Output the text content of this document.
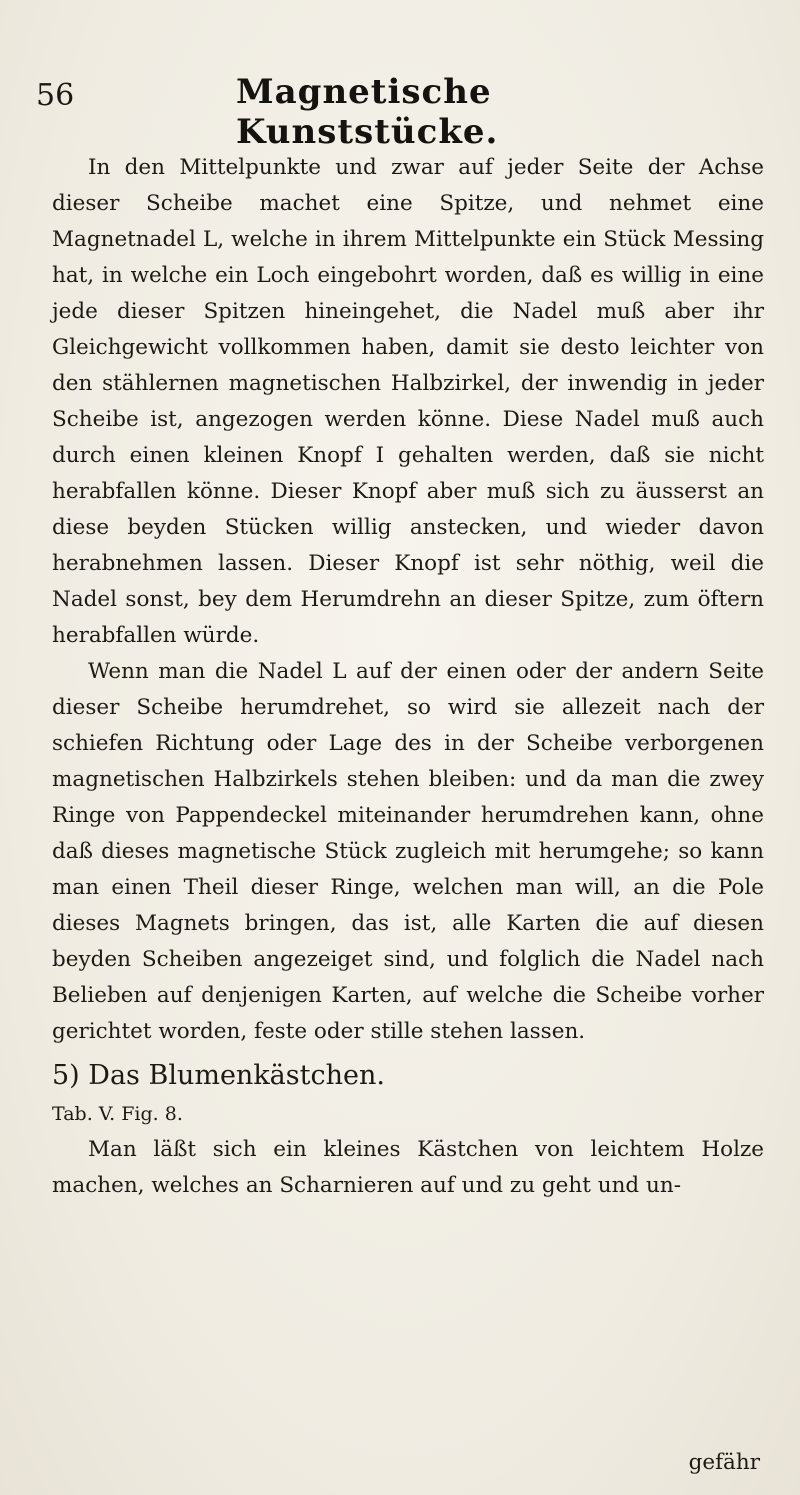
56	Magnetische Kunststücke.

In den Mittelpunkte und zwar auf jeder Seite der Achse dieser Scheibe machet eine Spitze, und nehmet eine Magnetnadel L, welche in ihrem Mittelpunkte ein Stück Messing hat, in welche ein Loch eingebohrt worden, daß es willig in eine jede dieser Spitzen hineingehet, die Nadel muß aber ihr Gleichgewicht vollkommen haben, damit sie desto leichter von den stählernen magnetischen Halbzirkel, der inwendig in jeder Scheibe ist, angezogen werden könne. Diese Nadel muß auch durch einen kleinen Knopf I gehalten werden, daß sie nicht herabfallen könne. Dieser Knopf aber muß sich zu äusserst an diese beyden Stücken willig anstecken, und wieder davon herabnehmen lassen. Dieser Knopf ist sehr nöthig, weil die Nadel sonst, bey dem Herumdrehn an dieser Spitze, zum öftern herabfallen würde.

Wenn man die Nadel L auf der einen oder der andern Seite dieser Scheibe herumdrehet, so wird sie allezeit nach der schiefen Richtung oder Lage des in der Scheibe verborgenen magnetischen Halbzirkels stehen bleiben: und da man die zwey Ringe von Pappendeckel miteinander herumdrehen kann, ohne daß dieses magnetische Stück zugleich mit herumgehe; so kann man einen Theil dieser Ringe, welchen man will, an die Pole dieses Magnets bringen, das ist, alle Karten die auf diesen beyden Scheiben angezeiget sind, und folglich die Nadel nach Belieben auf denjenigen Karten, auf welche die Scheibe vorher gerichtet worden, feste oder stille stehen lassen.

5) Das Blumenkästchen.

Tab. V. Fig. 8.

Man läßt sich ein kleines Kästchen von leichtem Holze machen, welches an Scharnieren auf und zu geht und un-

gefähr
